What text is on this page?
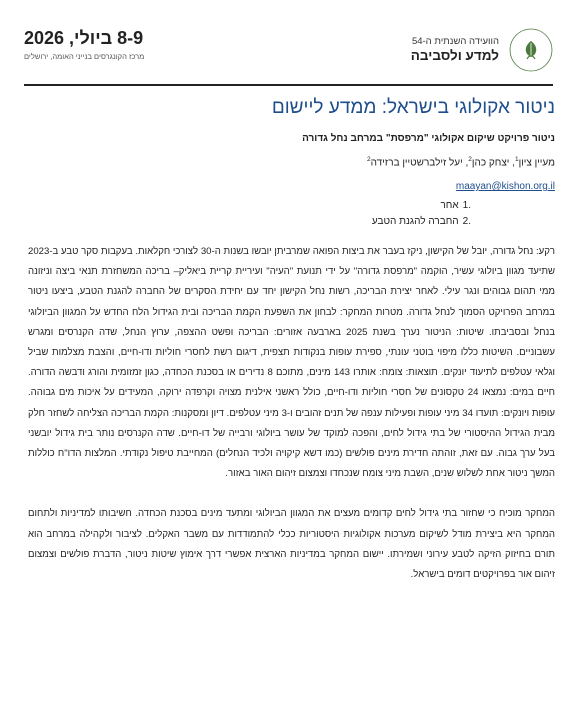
הוועידה השנתית ה-54
למדע ולסביבה
8-9 ביולי, 2026
מרכז הקונגרסים בנייני האומה, ירושלים
ניטור אקולוגי בישראל: ממדע ליישום
ניטור פרויקט שיקום אקולוגי "מרפסת" במרחב נחל גדורה
מעיין ציון$^1$, יצחק כהן$^2$, יעל זילברשטיין ברזידה$^2$
maayan@kishon.org.il
1.אחר
2.החברה להגנת הטבע

רקע: נחל גדורה, יובל של הקישון, ניקז בעבר את ביצות הפואה שמרביתן יובשו בשנות ה-30 לצורכי חקלאות. בעקבות סקר טבע ב-2023 שתיעד מגוון ביולוגי עשיר, הוקמה "מרפסת גדורה" על ידי תנועת "העיה" ועיריית קריית ביאליק– בריכה המשחזרת תנאי ביצה וניזונה ממי תהום גבוהים ונגר עילי. לאחר יצירת הבריכה, רשות נחל הקישון יחד עם יחידת הסקרים של החברה להגנת הטבע, ביצעו ניטור במרחב הפרויקט הסמוך לנחל גדורה. מטרות המחקר: לבחון את השפעת הקמת הבריכה ובית הגידול הלח החדש על המגוון הביולוגי בנחל ובסביבתו. שיטות: הניטור נערך בשנת 2025 בארבעה אזורים: הבריכה ופשט ההצפה, ערוץ הנחל, שדה הקנרסים ומגרש עשבוניים. השיטות כללו מיפוי בוטני עונתי, ספירת עופות בנקודות תצפית, דיגום רשת לחסרי חוליות ודו-חיים, והצבת מצלמות שביל וגלאי עטלפים לתיעוד יונקים. תוצאות: צומח: אותרו 143 מינים, מתוכם 8 נדירים או בסכנת הכחדה, כגון זמזומית והורג ודבשה הדורה. חיים במים: נמצאו 24 טקסונים של חסרי חוליות ודו-חיים, כולל ראשני אילנית מצויה וקרפדה ירוקה, המעידים על איכות מים גבוהה. עופות ויונקים: תועדו 34 מיני עופות ופעילות ענפה של תנים זהובים ו-3 מיני עטלפים. דיון ומסקנות: הקמת הבריכה הצליחה לשחזר חלק מבית הגידול ההיסטורי של בתי גידול לחים, והפכה למוקד של עושר ביולוגי ורבייה של דו-חיים. שדה הקנרסים נותר בית גידול יובשני בעל ערך גבוה. עם זאת, זוהתה חדירת מינים פולשים (כמו דשא קיקויה ולכיד הנחלים) המחייבת טיפול נקודתי. המלצות הדו"ח כוללות המשך ניטור אחת לשלוש שנים, השבת מיני צומח שנכחדו וצמצום זיהום האור באזור.

המחקר מוכיח כי שחזור בתי גידול לחים קדומים מעצים את המגוון הביולוגי ומתעד מינים בסכנת הכחדה. חשיבותו למדיניות ולתחום המחקר היא ביצירת מודל לשיקום מערכות אקולוגיות היסטוריות ככלי להתמודדות עם משבר האקלים. לציבור ולקהילה במרחב הוא תורם בחיזוק הזיקה לטבע עירוני ושמירתו. יישום המחקר במדיניות הארצית אפשרי דרך אימוץ שיטות ניטור, הדברת פולשים וצמצום זיהום אור בפרויקטים דומים בישראל.
